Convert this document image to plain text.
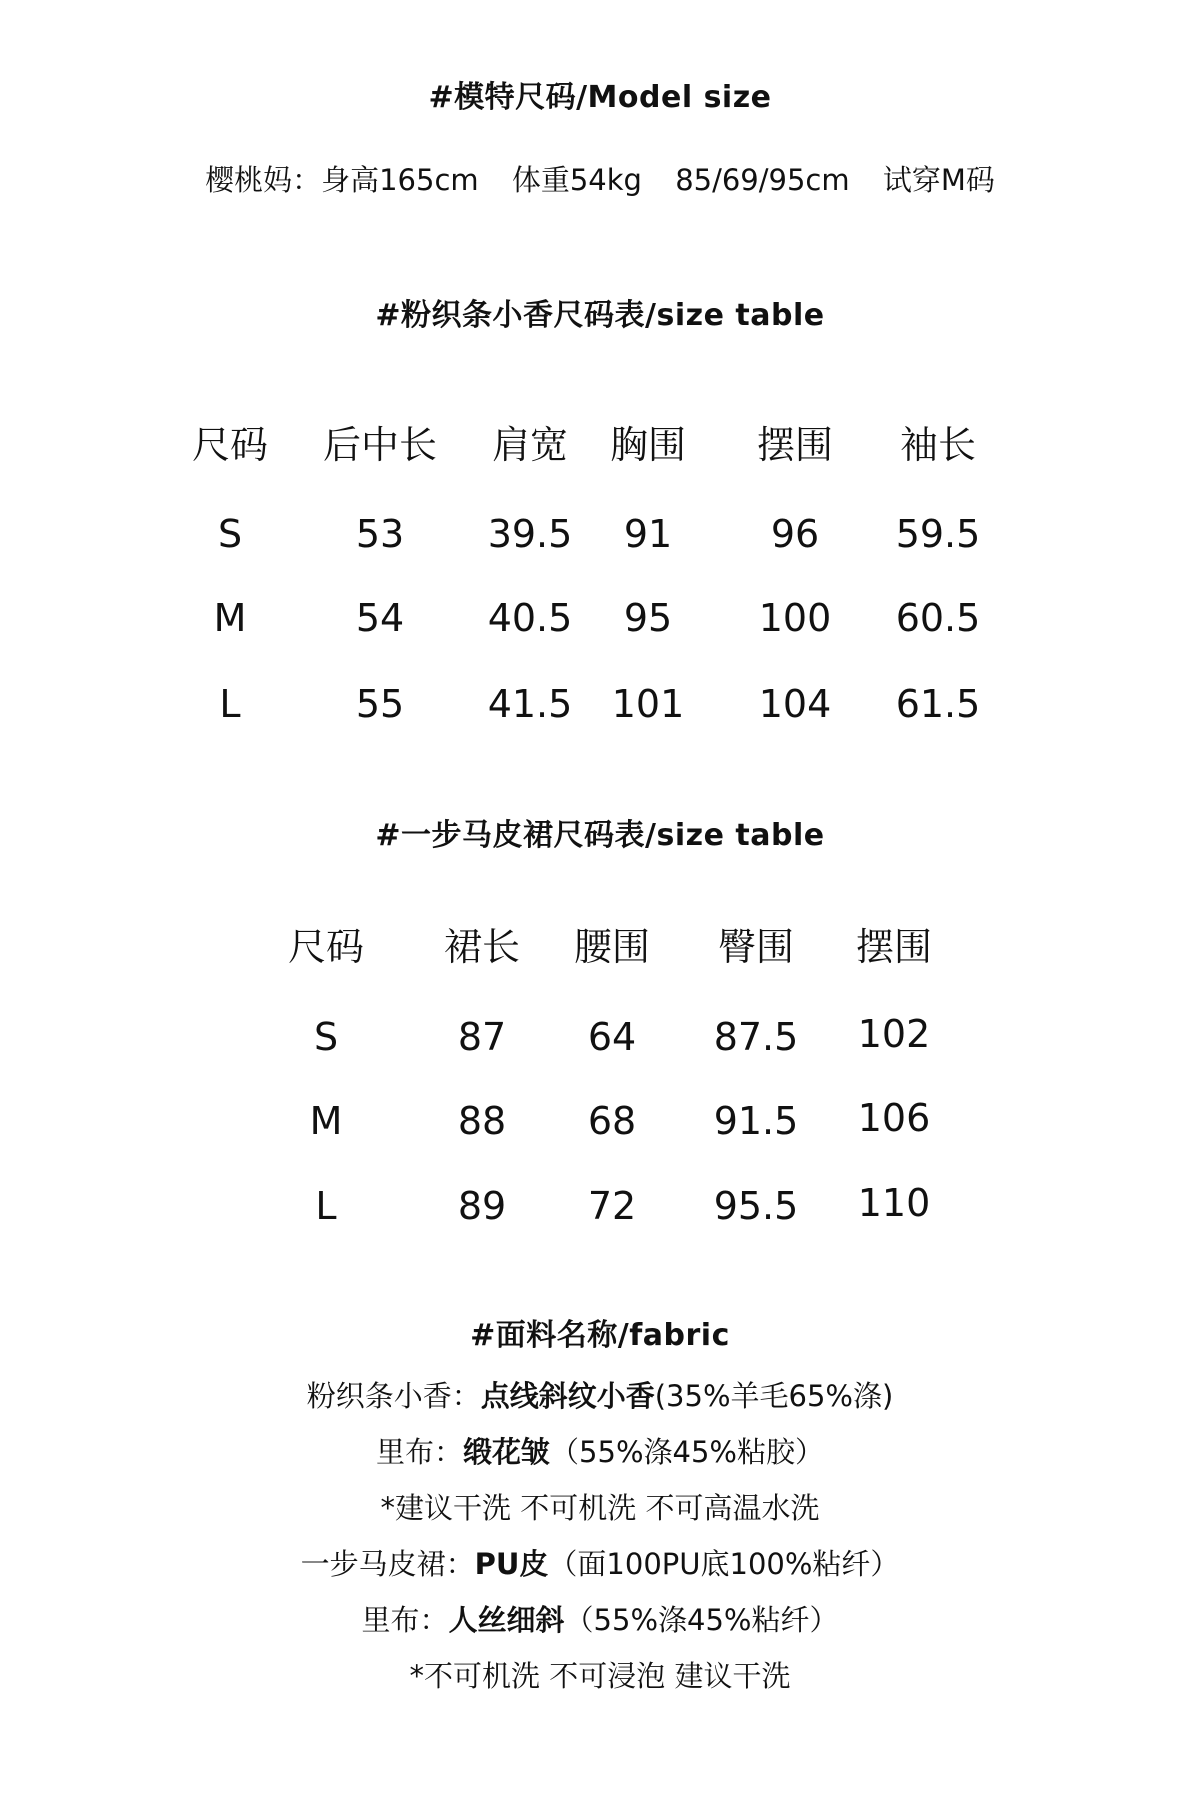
#模特尺码/Model size
樱桃妈：身高165cm 体重54kg 85/69/95cm 试穿M码
#粉织条小香尺码表/size table
尺码	后中长	肩宽	胸围	摆围	袖长
S	53	39.5	91	96	59.5
M	54	40.5	95	100	60.5
L	55	41.5	101	104	61.5
#一步马皮裙尺码表/size table
尺码	裙长	腰围	臀围	摆围
S	87	64	87.5	102
M	88	68	91.5	106
L	89	72	95.5	110
#面料名称/fabric
粉织条小香：点线斜纹小香(35%羊毛65%涤)
里布：缎花皱（55%涤45%粘胶）
*建议干洗 不可机洗 不可高温水洗
一步马皮裙：PU皮（面100PU底100%粘纤）
里布：人丝细斜（55%涤45%粘纤）
*不可机洗 不可浸泡 建议干洗
